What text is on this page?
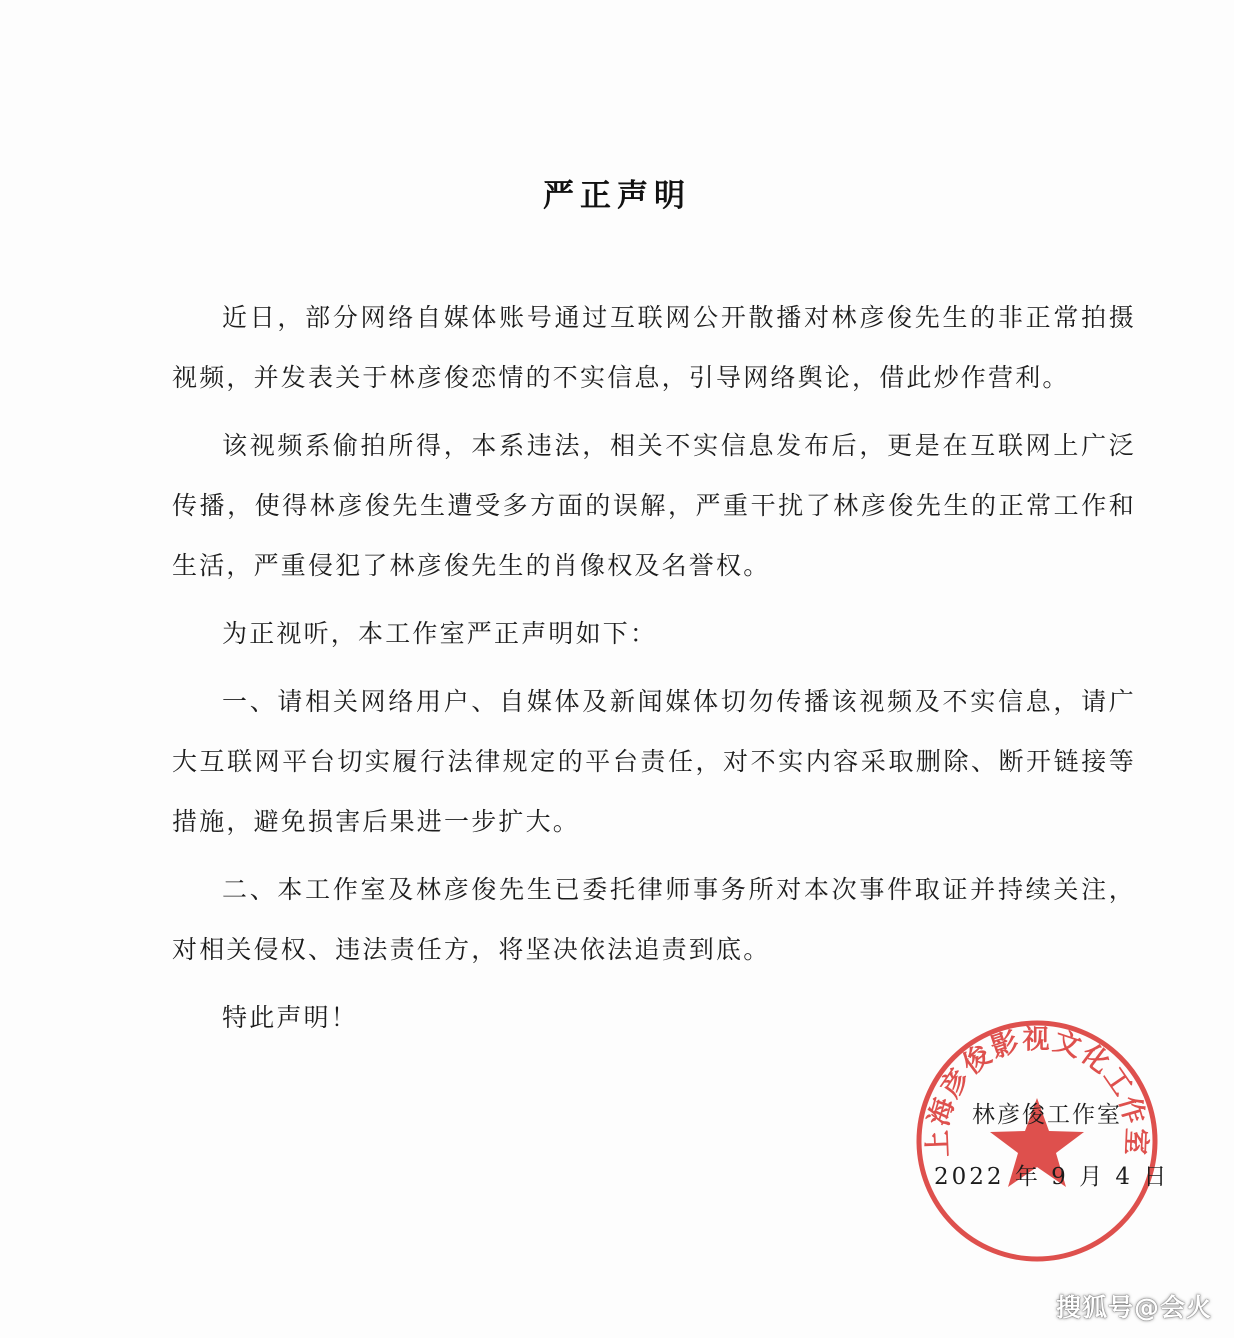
严正声明

近日，部分网络自媒体账号通过互联网公开散播对林彦俊先生的非正常拍摄视频，并发表关于林彦俊恋情的不实信息，引导网络舆论，借此炒作营利。

该视频系偷拍所得，本系违法，相关不实信息发布后，更是在互联网上广泛传播，使得林彦俊先生遭受多方面的误解，严重干扰了林彦俊先生的正常工作和生活，严重侵犯了林彦俊先生的肖像权及名誉权。

为正视听，本工作室严正声明如下：

一、请相关网络用户、自媒体及新闻媒体切勿传播该视频及不实信息，请广大互联网平台切实履行法律规定的平台责任，对不实内容采取删除、断开链接等措施，避免损害后果进一步扩大。

二、本工作室及林彦俊先生已委托律师事务所对本次事件取证并持续关注，对相关侵权、违法责任方，将坚决依法追责到底。

特此声明！

上海彦俊影视文化工作室
林彦俊工作室
2022 年 9 月 4 日
搜狐号@会火
